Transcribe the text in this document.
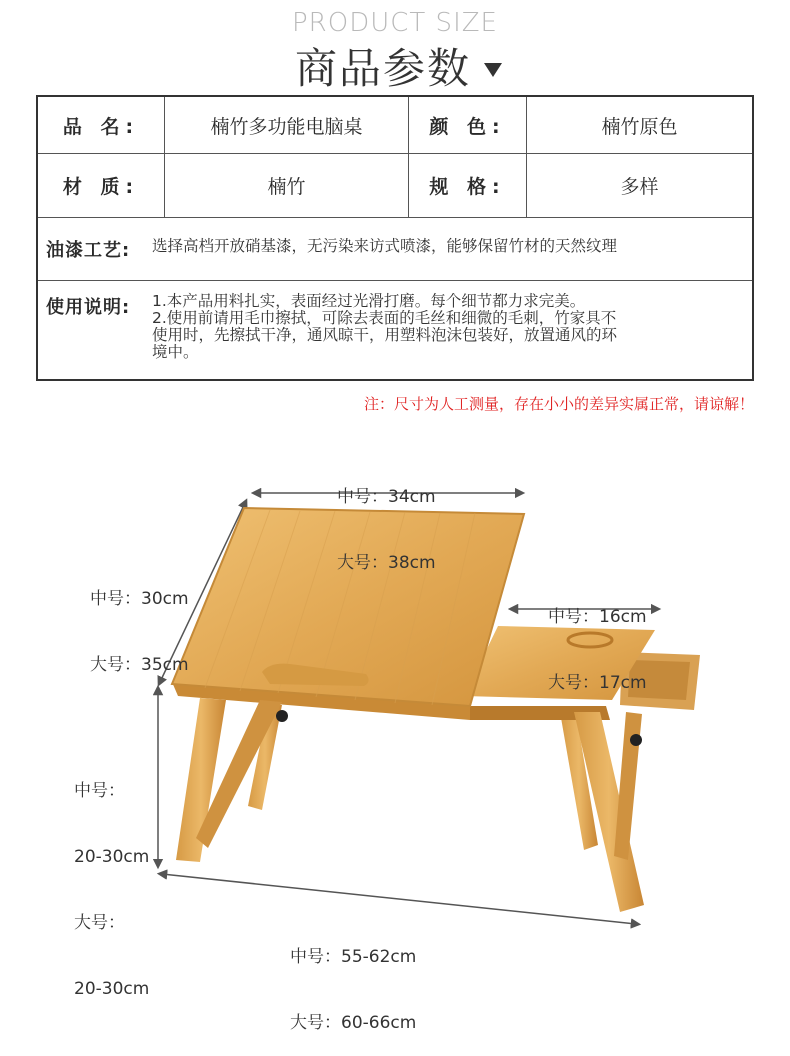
PRODUCT SIZE
商品参数
品 名:	楠竹多功能电脑桌	颜 色:	楠竹原色
材 质:	楠竹	规 格:	多样
油漆工艺: 选择高档开放硝基漆，无污染来访式喷漆，能够保留竹材的天然纹理
使用说明: 1.本产品用料扎实，表面经过光滑打磨。每个细节都力求完美。
2.使用前请用毛巾擦拭，可除去表面的毛丝和细微的毛刺，竹家具不
使用时，先擦拭干净，通风晾干，用塑料泡沫包装好，放置通风的环
境中。
注：尺寸为人工测量，存在小小的差异实属正常，请谅解！

中号：34cm

大号：38cm

中号：30cm

大号：35cm

中号：16cm

大号：17cm

中号：

20-30cm

大号：

20-30cm

中号：55-62cm

大号：60-66cm
